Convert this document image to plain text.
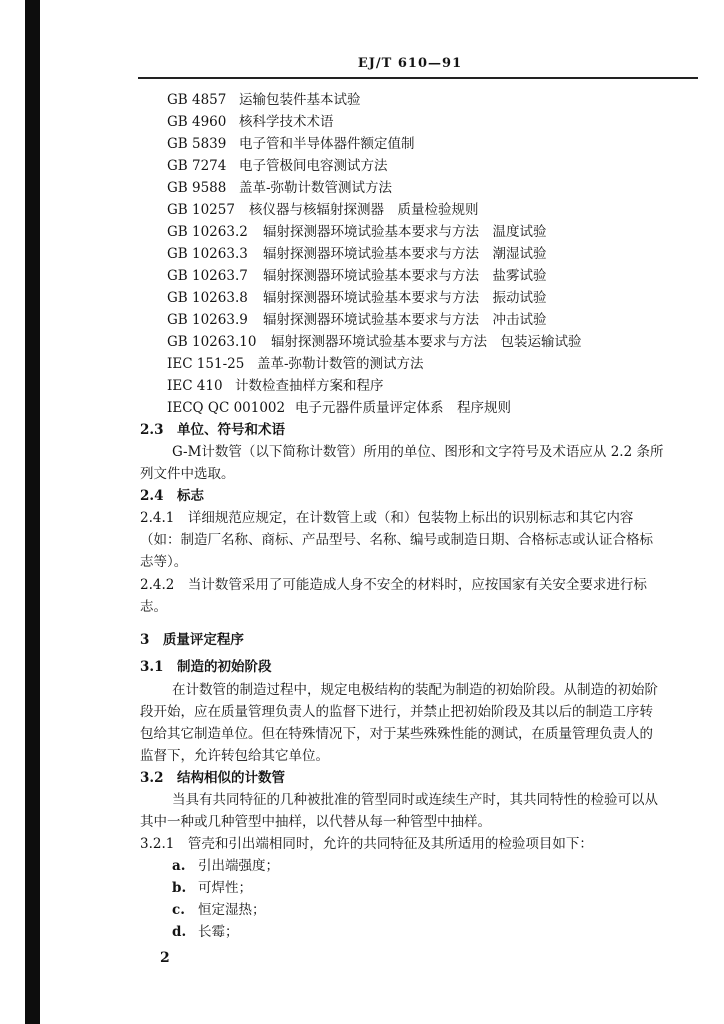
EJ/T 610—91
GB 4857 运输包装件基本试验
GB 4960 核科学技术术语
GB 5839 电子管和半导体器件额定值制
GB 7274 电子管极间电容测试方法
GB 9588 盖革-弥勒计数管测试方法
GB 10257 核仪器与核辐射探测器　质量检验规则
GB 10263.2 辐射探测器环境试验基本要求与方法　温度试验
GB 10263.3 辐射探测器环境试验基本要求与方法　潮湿试验
GB 10263.7 辐射探测器环境试验基本要求与方法　盐雾试验
GB 10263.8 辐射探测器环境试验基本要求与方法　振动试验
GB 10263.9 辐射探测器环境试验基本要求与方法　冲击试验
GB 10263.10 辐射探测器环境试验基本要求与方法　包装运输试验
IEC 151-25 盖革-弥勒计数管的测试方法
IEC 410 计数检查抽样方案和程序
IECQ QC 001002 电子元器件质量评定体系　程序规则
2.3　单位、符号和术语
G-M计数管（以下简称计数管）所用的单位、图形和文字符号及术语应从 2.2 条所
列文件中选取。
2.4　标志
2.4.1　详细规范应规定，在计数管上或（和）包装物上标出的识别标志和其它内容
（如：制造厂名称、商标、产品型号、名称、编号或制造日期、合格标志或认证合格标
志等）。
2.4.2　当计数管采用了可能造成人身不安全的材料时，应按国家有关安全要求进行标
志。
3　质量评定程序
3.1　制造的初始阶段
在计数管的制造过程中，规定电极结构的装配为制造的初始阶段。从制造的初始阶
段开始，应在质量管理负责人的监督下进行，并禁止把初始阶段及其以后的制造工序转
包给其它制造单位。但在特殊情况下，对于某些殊殊性能的测试，在质量管理负责人的
监督下，允许转包给其它单位。
3.2　结构相似的计数管
当具有共同特征的几种被批准的管型同时或连续生产时，其共同特性的检验可以从
其中一种或几种管型中抽样，以代替从每一种管型中抽样。
3.2.1　管壳和引出端相同时，允许的共同特征及其所适用的检验项目如下：
a. 引出端强度；
b. 可焊性；
c. 恒定湿热；
d. 长霉；
2
